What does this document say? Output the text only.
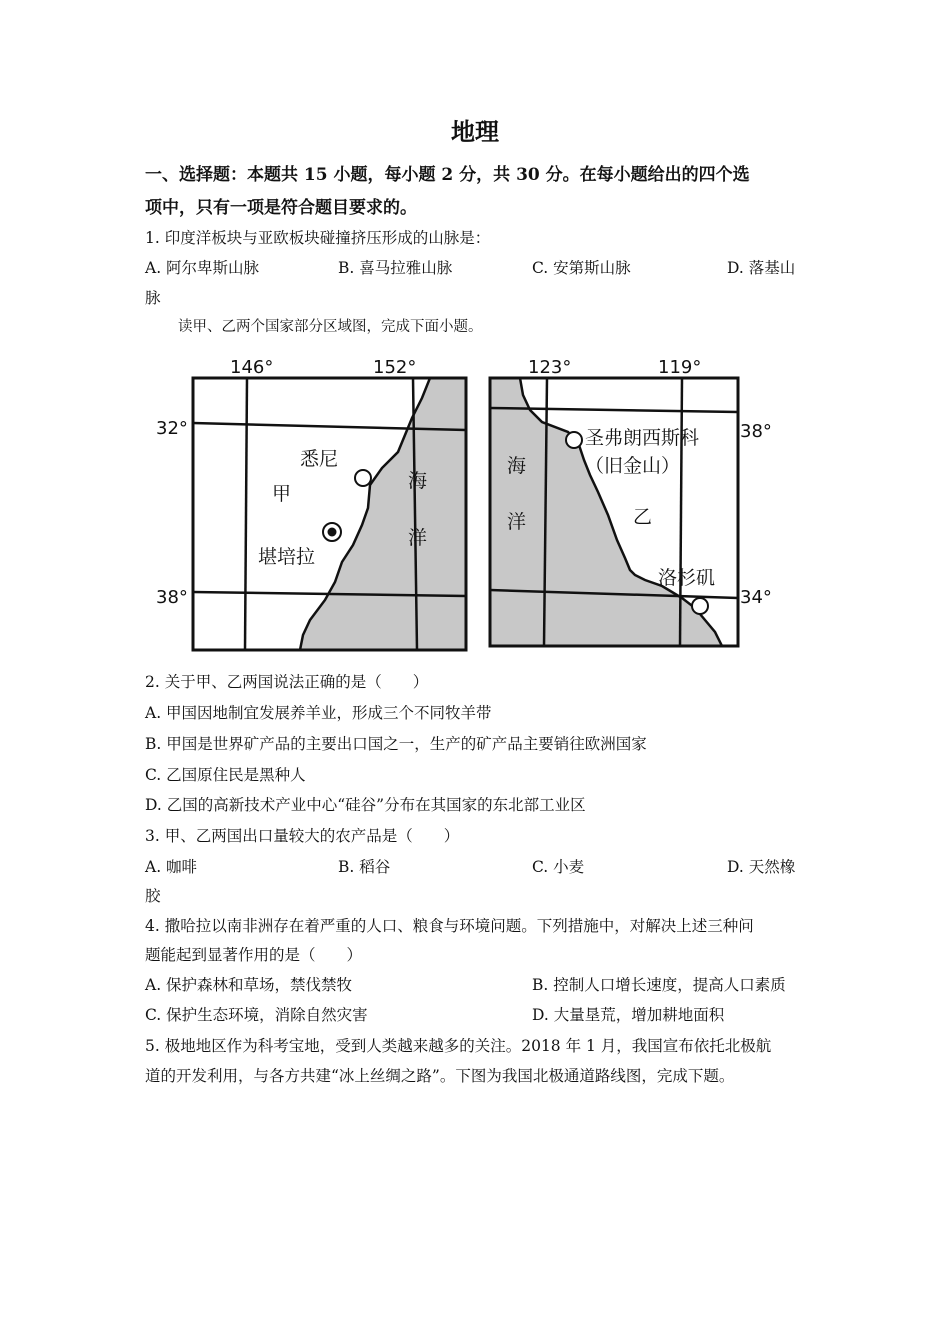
地理
一、选择题：本题共 15 小题，每小题 2 分，共 30 分。在每小题给出的四个选
项中，只有一项是符合题目要求的。
1. 印度洋板块与亚欧板块碰撞挤压形成的山脉是：
A. 阿尔卑斯山脉	B. 喜马拉雅山脉	C. 安第斯山脉	D. 落基山
脉
读甲、乙两个国家部分区域图，完成下面小题。
146°	152°
32°
38°
悉尼
甲
堪培拉
海
洋
123°	119°
38°
34°
圣弗朗西斯科
（旧金山）
乙
洛杉矶
海
洋
2. 关于甲、乙两国说法正确的是（　　）
A. 甲国因地制宜发展养羊业，形成三个不同牧羊带
B. 甲国是世界矿产品的主要出口国之一，生产的矿产品主要销往欧洲国家
C. 乙国原住民是黑种人
D. 乙国的高新技术产业中心“硅谷”分布在其国家的东北部工业区
3. 甲、乙两国出口量较大的农产品是（　　）
A. 咖啡	B. 稻谷	C. 小麦	D. 天然橡
胶
4. 撒哈拉以南非洲存在着严重的人口、粮食与环境问题。下列措施中，对解决上述三种问
题能起到显著作用的是（　　）
A. 保护森林和草场，禁伐禁牧	B. 控制人口增长速度，提高人口素质
C. 保护生态环境，消除自然灾害	D. 大量垦荒，增加耕地面积
5. 极地地区作为科考宝地，受到人类越来越多的关注。2018 年 1 月，我国宣布依托北极航
道的开发利用，与各方共建“冰上丝绸之路”。下图为我国北极通道路线图，完成下题。
